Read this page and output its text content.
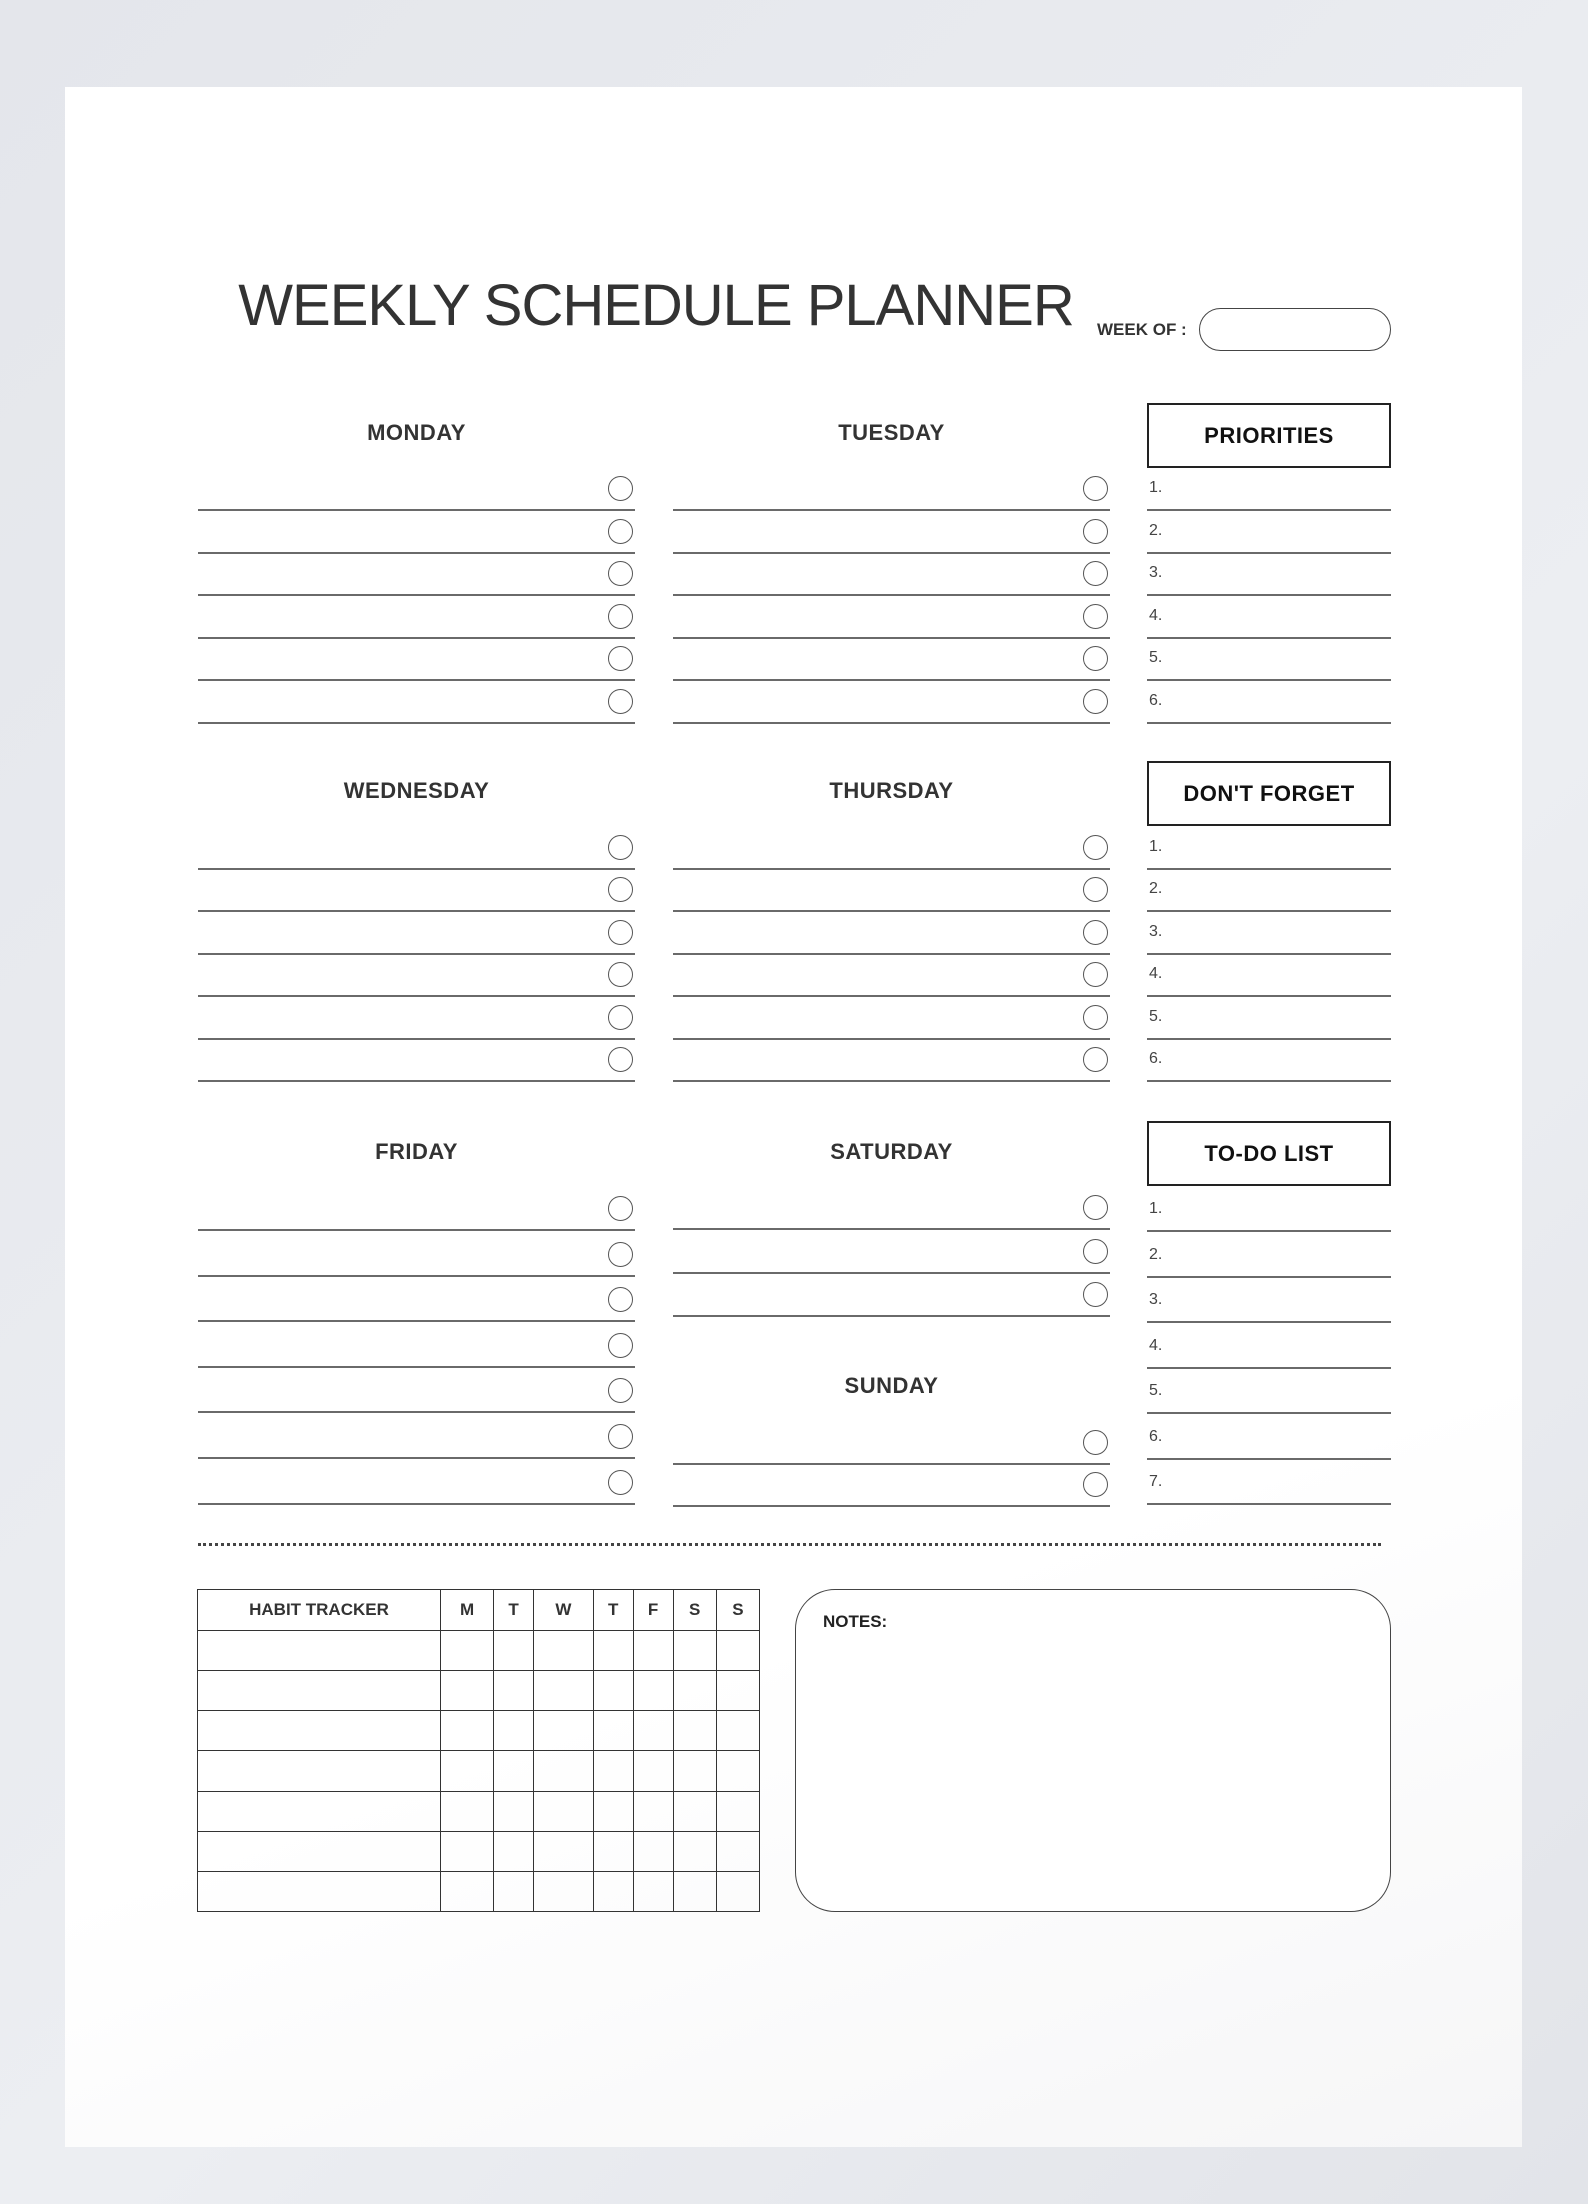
WEEKLY SCHEDULE PLANNER	WEEK OF :
MONDAY	TUESDAY
WEDNESDAY	THURSDAY
FRIDAY	SATURDAY
SUNDAY
PRIORITIES
1.
2.
3.
4.
5.
6.
DON'T FORGET
1.
2.
3.
4.
5.
6.
TO-DO LIST
1.
2.
3.
4.
5.
6.
7.
HABIT TRACKER	M	T	W	T	F	S	S

NOTES:
